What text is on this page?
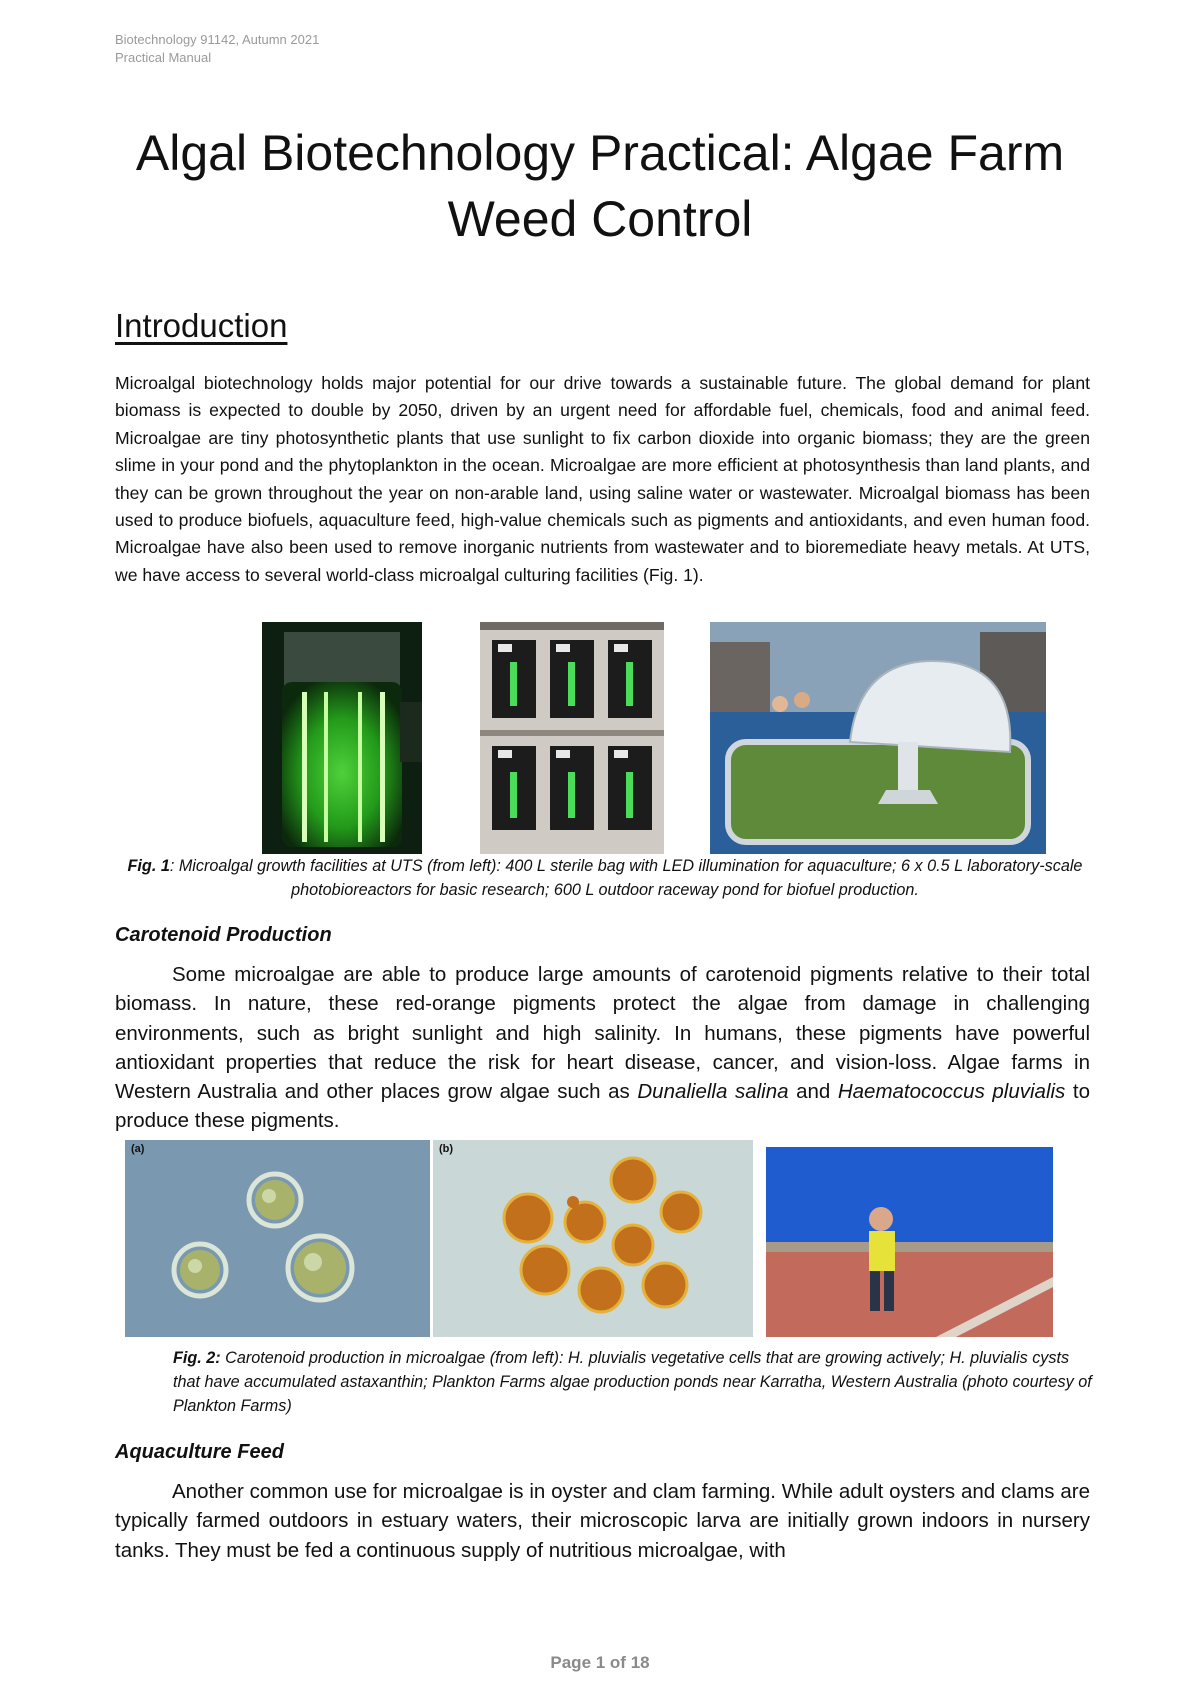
Biotechnology 91142, Autumn 2021
Practical Manual
Algal Biotechnology Practical: Algae Farm
Weed Control
Introduction

Microalgal biotechnology holds major potential for our drive towards a sustainable future. The global demand for plant biomass is expected to double by 2050, driven by an urgent need for affordable fuel, chemicals, food and animal feed. Microalgae are tiny photosynthetic plants that use sunlight to fix carbon dioxide into organic biomass; they are the green slime in your pond and the phytoplankton in the ocean. Microalgae are more efficient at photosynthesis than land plants, and they can be grown throughout the year on non-arable land, using saline water or wastewater. Microalgal biomass has been used to produce biofuels, aquaculture feed, high-value chemicals such as pigments and antioxidants, and even human food. Microalgae have also been used to remove inorganic nutrients from wastewater and to bioremediate heavy metals. At UTS, we have access to several world-class microalgal culturing facilities (Fig. 1).

Fig. 1: Microalgal growth facilities at UTS (from left): 400 L sterile bag with LED illumination for aquaculture; 6 x 0.5 L laboratory-scale photobioreactors for basic research; 600 L outdoor raceway pond for biofuel production.

Carotenoid Production

Some microalgae are able to produce large amounts of carotenoid pigments relative to their total biomass. In nature, these red-orange pigments protect the algae from damage in challenging environments, such as bright sunlight and high salinity. In humans, these pigments have powerful antioxidant properties that reduce the risk for heart disease, cancer, and vision-loss. Algae farms in Western Australia and other places grow algae such as Dunaliella salina and Haematococcus pluvialis to produce these pigments.

(a)	(b)

Fig. 2: Carotenoid production in microalgae (from left): H. pluvialis vegetative cells that are growing actively; H. pluvialis cysts that have accumulated astaxanthin; Plankton Farms algae production ponds near Karratha, Western Australia (photo courtesy of Plankton Farms)

Aquaculture Feed

Another common use for microalgae is in oyster and clam farming. While adult oysters and clams are typically farmed outdoors in estuary waters, their microscopic larva are initially grown indoors in nursery tanks. They must be fed a continuous supply of nutritious microalgae, with

Page 1 of 18
